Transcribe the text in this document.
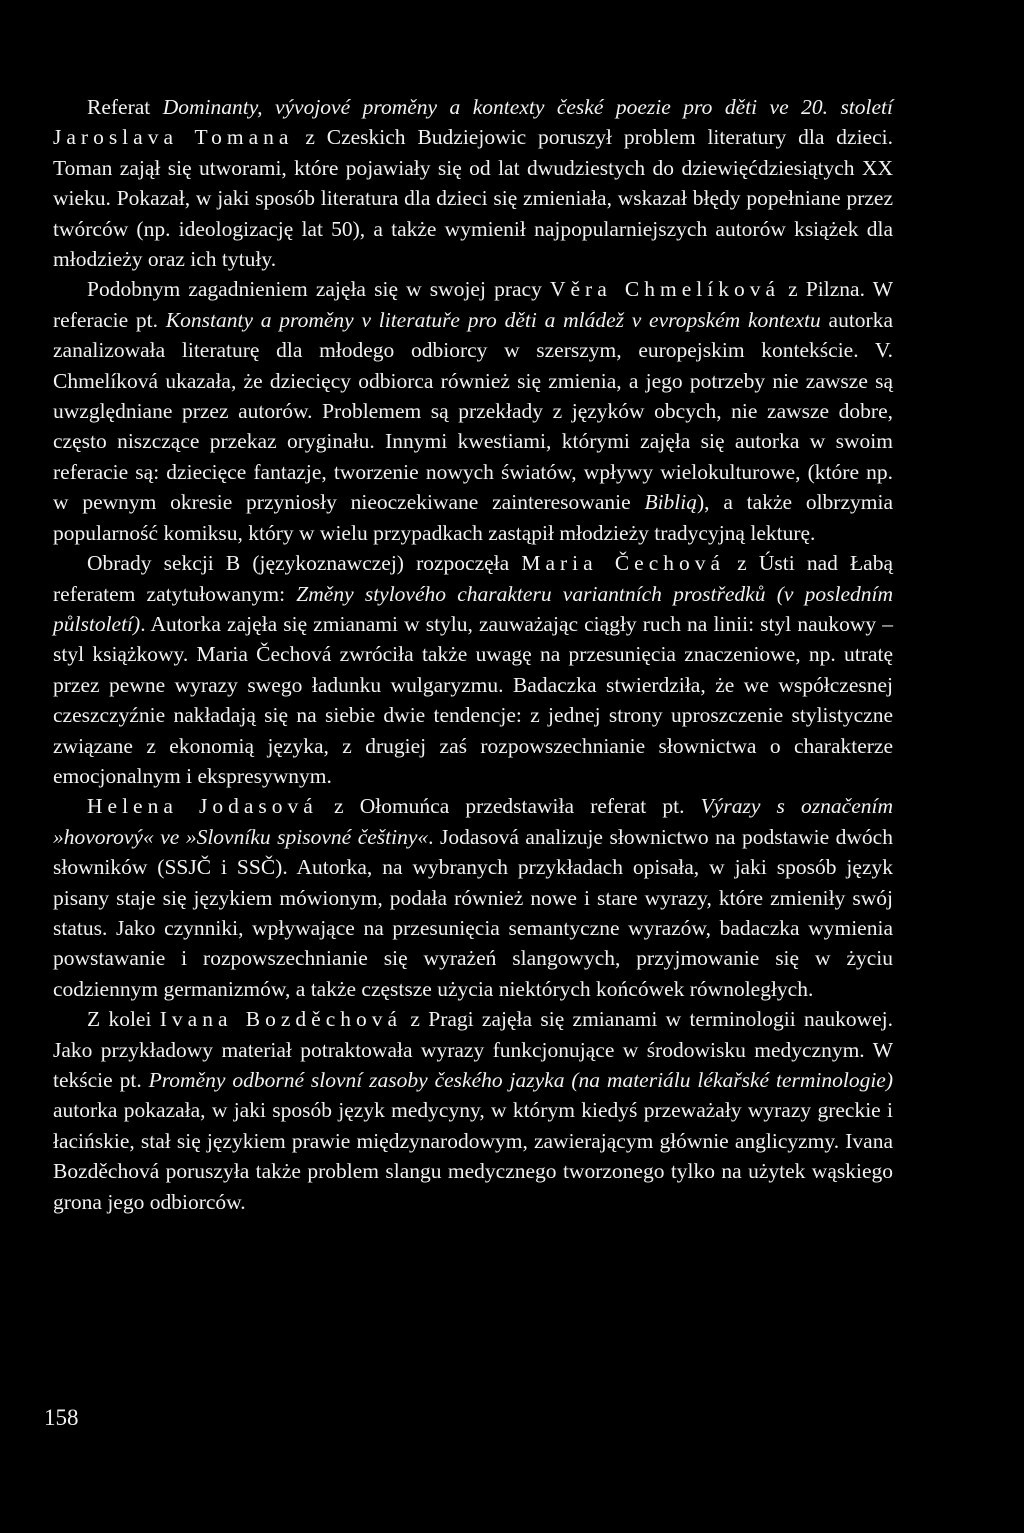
Referat Dominanty, vývojové proměny a kontexty české poezie pro děti ve 20. století Jaroslava Tomana z Czeskich Budziejowic poruszył problem literatury dla dzieci. Toman zajął się utworami, które pojawiały się od lat dwudziestych do dziewięćdziesiątych XX wieku. Pokazał, w jaki sposób literatura dla dzieci się zmieniała, wskazał błędy popełniane przez twórców (np. ideologizację lat 50), a także wymienił najpopularniejszych autorów książek dla młodzieży oraz ich tytuły.

Podobnym zagadnieniem zajęła się w swojej pracy Věra Chmelíková z Pilzna. W referacie pt. Konstanty a proměny v literatuře pro děti a mládež v evropském kontextu autorka zanalizowała literaturę dla młodego odbiorcy w szerszym, europejskim kontekście. V. Chmelíková ukazała, że dziecięcy odbiorca również się zmienia, a jego potrzeby nie zawsze są uwzględniane przez autorów. Problemem są przekłady z języków obcych, nie zawsze dobre, często niszczące przekaz oryginału. Innymi kwestiami, którymi zajęła się autorka w swoim referacie są: dziecięce fantazje, tworzenie nowych światów, wpływy wielokulturowe, (które np. w pewnym okresie przyniosły nieoczekiwane zainteresowanie Biblią), a także olbrzymia popularność komiksu, który w wielu przypadkach zastąpił młodzieży tradycyjną lekturę.

Obrady sekcji B (językoznawczej) rozpoczęła Maria Čechová z Ústi nad Łabą referatem zatytułowanym: Změny stylového charakteru variantních prostředků (v posledním půlstoletí). Autorka zajęła się zmianami w stylu, zauważając ciągły ruch na linii: styl naukowy – styl książkowy. Maria Čechová zwróciła także uwagę na przesunięcia znaczeniowe, np. utratę przez pewne wyrazy swego ładunku wulgaryzmu. Badaczka stwierdziła, że we współczesnej czeszczyźnie nakładają się na siebie dwie tendencje: z jednej strony uproszczenie stylistyczne związane z ekonomią języka, z drugiej zaś rozpowszechnianie słownictwa o charakterze emocjonalnym i ekspresywnym.

Helena Jodasová z Ołomuńca przedstawiła referat pt. Výrazy s označením »hovorový« ve »Slovníku spisovné češtiny«. Jodasová analizuje słownictwo na podstawie dwóch słowników (SSJČ i SSČ). Autorka, na wybranych przykładach opisała, w jaki sposób język pisany staje się językiem mówionym, podała również nowe i stare wyrazy, które zmieniły swój status. Jako czynniki, wpływające na przesunięcia semantyczne wyrazów, badaczka wymienia powstawanie i rozpowszechnianie się wyrażeń slangowych, przyjmowanie się w życiu codziennym germanizmów, a także częstsze użycia niektórych końcówek równoległych.

Z kolei Ivana Bozděchová z Pragi zajęła się zmianami w terminologii naukowej. Jako przykładowy materiał potraktowała wyrazy funkcjonujące w środowisku medycznym. W tekście pt. Proměny odborné slovní zasoby českého jazyka (na materiálu lékařské terminologie) autorka pokazała, w jaki sposób język medycyny, w którym kiedyś przeważały wyrazy greckie i łacińskie, stał się językiem prawie międzynarodowym, zawierającym głównie anglicyzmy. Ivana Bozděchová poruszyła także problem slangu medycznego tworzonego tylko na użytek wąskiego grona jego odbiorców.

158
